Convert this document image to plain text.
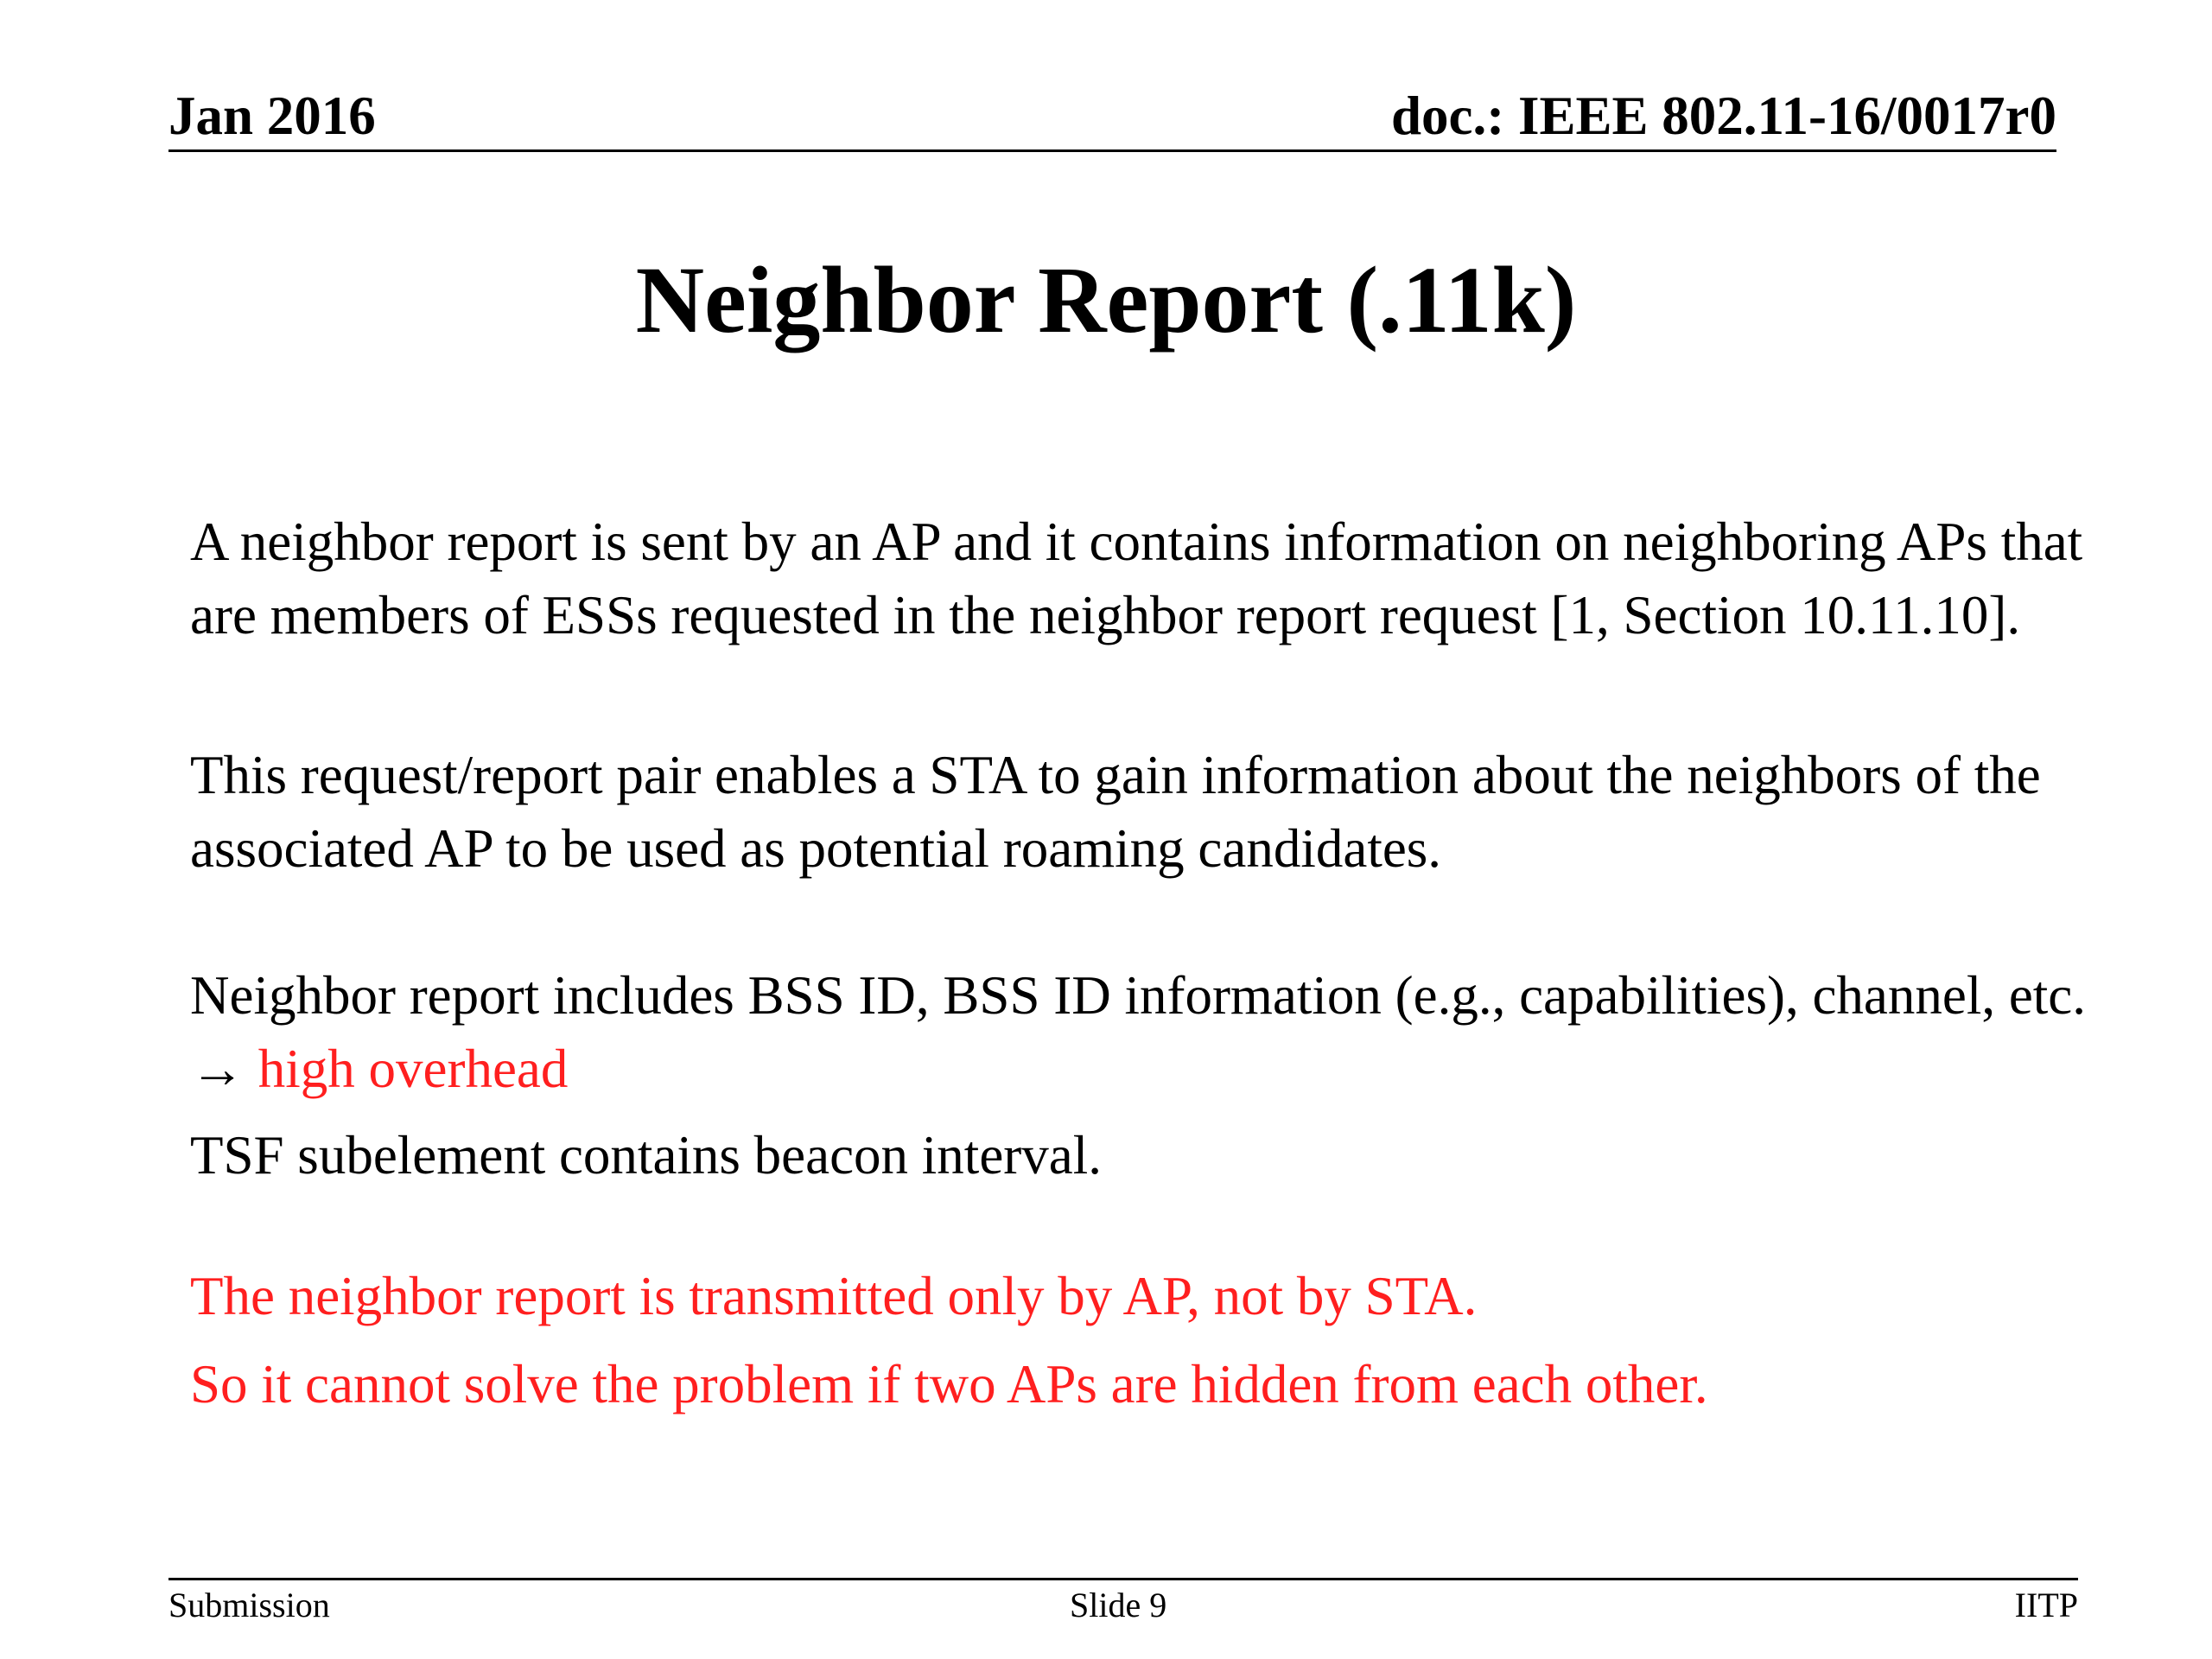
Jan 2016	doc.: IEEE 802.11-16/0017r0
Neighbor Report (.11k)

A neighbor report is sent by an AP and it contains information on neighboring APs that are members of ESSs requested in the neighbor report request [1, Section 10.11.10].

This request/report pair enables a STA to gain information about the neighbors of the associated AP to be used as potential roaming candidates.

Neighbor report includes BSS ID, BSS ID information (e.g., capabilities), channel, etc. → high overhead

TSF subelement contains beacon interval.

The neighbor report is transmitted only by AP, not by STA.

So it cannot solve the problem if two APs are hidden from each other.

Submission	Slide 9	IITP
